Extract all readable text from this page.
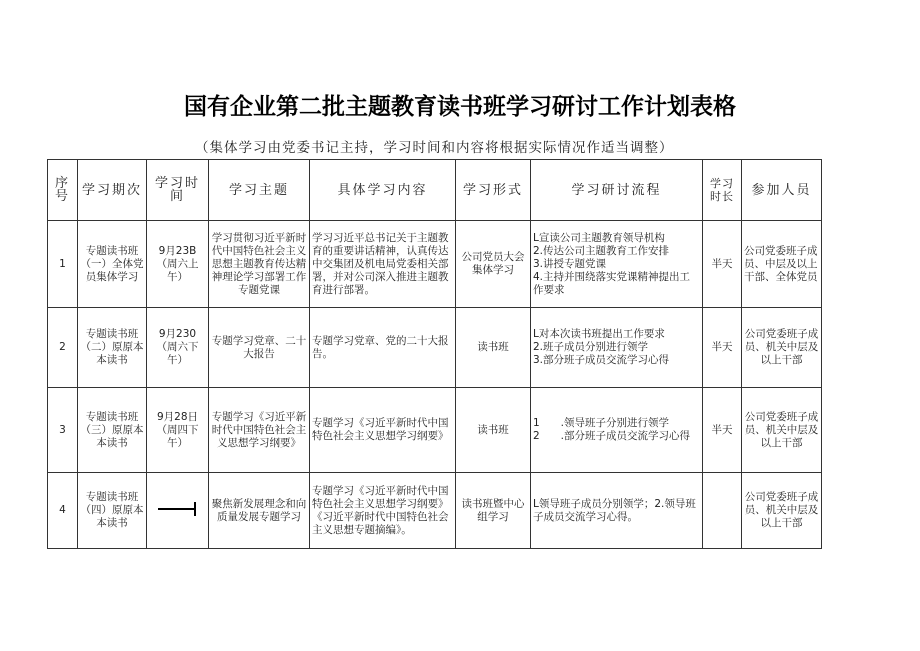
国有企业第二批主题教育读书班学习研讨工作计划表格
（集体学习由党委书记主持，学习时间和内容将根据实际情况作适当调整）
序号	学习期次	学习时间	学习主题	具体学习内容	学习形式	学习研讨流程	学习时长	参加人员
1	专题读书班（一）全体党员集体学习	9月23B（周六上午）	学习贯彻习近平新时代中国特色社会主义思想主题教育传达精神理论学习部署工作专题党课	学习习近平总书记关于主题教育的重要讲话精神，认真传达中交集团及机电局党委相关部署，并对公司深入推进主题教育进行部署。	公司党员大会集体学习	L宣读公司主题教育领导机构
2.传达公司主题教育工作安排
3.讲授专题党课
4.主持并围绕落实党课精神提出工作要求	半天	公司党委班子成员、中层及以上干部、全体党员
2	专题读书班（二）原原本本读书	9月230（周六下午）	专题学习党章、二十大报告	专题学习党章、党的二十大报告。	读书班	L对本次读书班提出工作要求
2.班子成员分别进行领学
3.部分班子成员交流学习心得	半天	公司党委班子成员、机关中层及以上干部
3	专题读书班（三）原原本本读书	9月28日（周四下午）	专题学习《习近平新时代中国特色社会主义思想学习纲要》	专题学习《习近平新时代中国特色社会主义思想学习纲要》	读书班	1　　.领导班子分别进行领学
2　　.部分班子成员交流学习心得	半天	公司党委班子成员、机关中层及以上干部
4	专题读书班（四）原原本本读书		聚焦新发展理念和向质量发展专题学习	专题学习《习近平新时代中国特色社会主义思想学习纲要》《习近平新时代中国特色社会主义思想专题摘编》。	读书班暨中心组学习	L领导班子成员分别领学；2.领导班子成员交流学习心得。		公司党委班子成员、机关中层及以上干部
